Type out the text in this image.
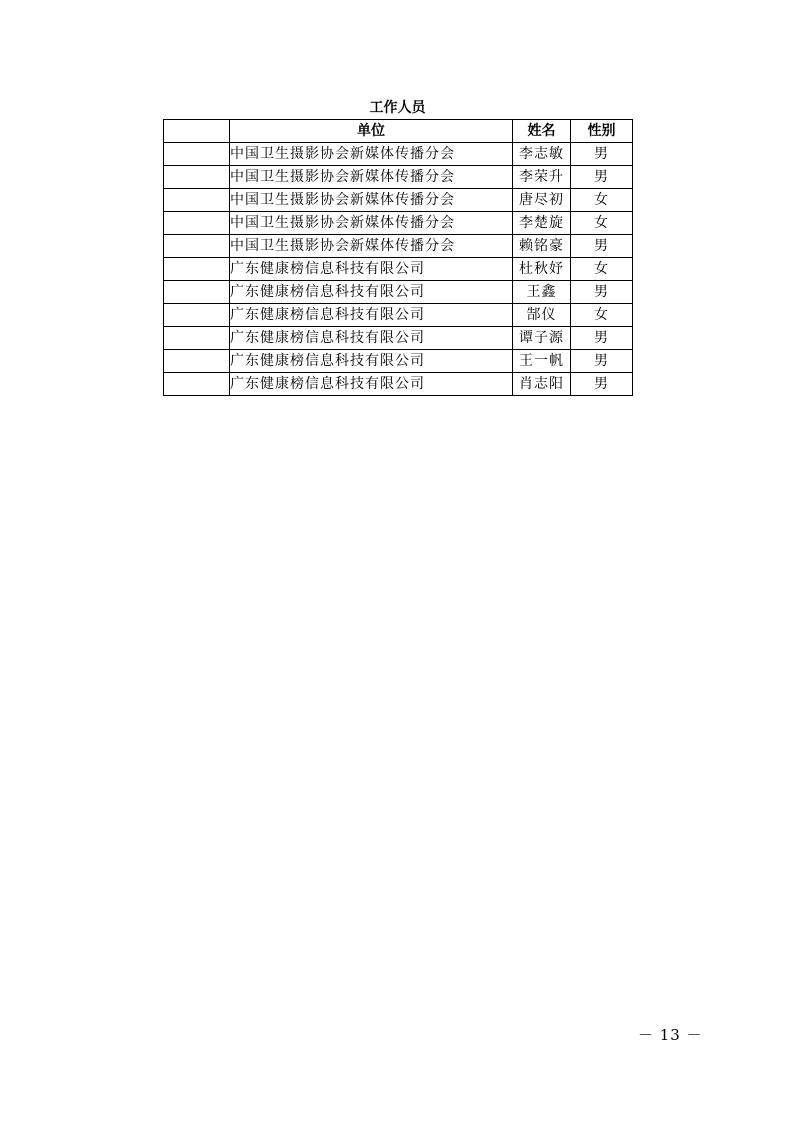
工作人员
	单位	姓名	性别
	中国卫生摄影协会新媒体传播分会	李志敏	男
	中国卫生摄影协会新媒体传播分会	李荣升	男
	中国卫生摄影协会新媒体传播分会	唐尽初	女
	中国卫生摄影协会新媒体传播分会	李楚旋	女
	中国卫生摄影协会新媒体传播分会	赖铭豪	男
	广东健康榜信息科技有限公司	杜秋妤	女
	广东健康榜信息科技有限公司	王鑫	男
	广东健康榜信息科技有限公司	郜仪	女
	广东健康榜信息科技有限公司	谭子源	男
	广东健康榜信息科技有限公司	王一帆	男
	广东健康榜信息科技有限公司	肖志阳	男
－ 13 －
